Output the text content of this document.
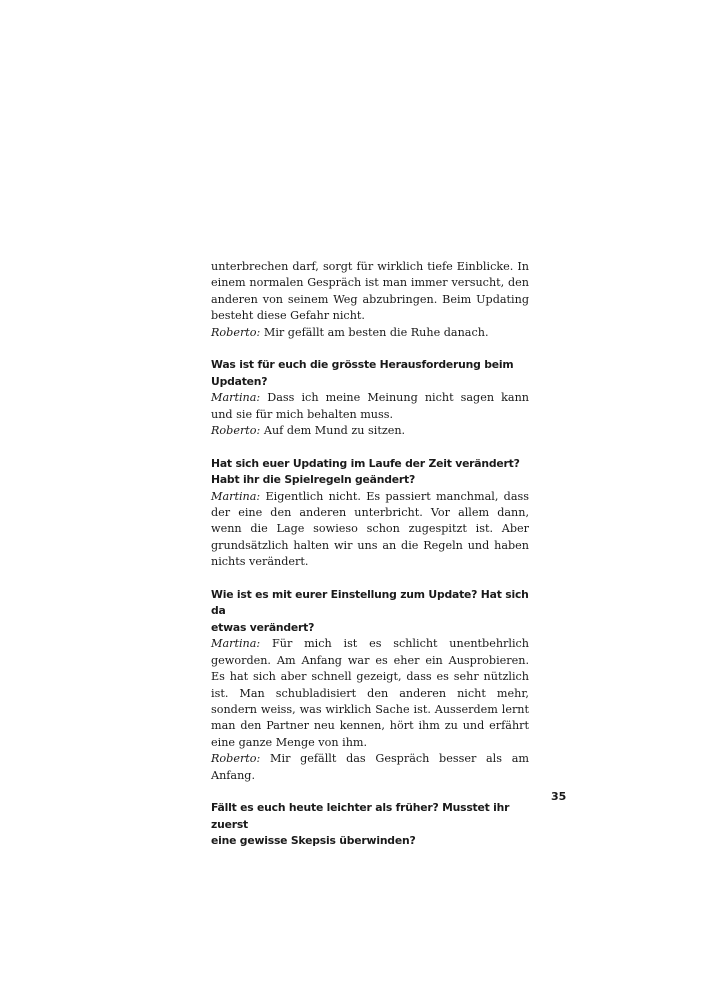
unterbrechen darf, sorgt für wirklich tiefe Einblicke. In einem normalen Gespräch ist man immer versucht, den anderen von seinem Weg abzubringen. Beim Updating besteht diese Gefahr nicht.

Roberto: Mir gefällt am besten die Ruhe danach.

Was ist für euch die grösste Herausforderung beim Updaten?

Martina: Dass ich meine Meinung nicht sagen kann und sie für mich behalten muss.

Roberto: Auf dem Mund zu sitzen.

Hat sich euer Updating im Laufe der Zeit verändert?
Habt ihr die Spielregeln geändert?

Martina: Eigentlich nicht. Es passiert manchmal, dass der eine den anderen unterbricht. Vor allem dann, wenn die Lage sowieso schon zugespitzt ist. Aber grundsätzlich halten wir uns an die Regeln und haben nichts verändert.

Wie ist es mit eurer Einstellung zum Update? Hat sich da
etwas verändert?

Martina: Für mich ist es schlicht unentbehrlich geworden. Am Anfang war es eher ein Ausprobieren. Es hat sich aber schnell gezeigt, dass es sehr nützlich ist. Man schubladisiert den anderen nicht mehr, sondern weiss, was wirklich Sache ist. Ausserdem lernt man den Partner neu kennen, hört ihm zu und erfährt eine ganze Menge von ihm.

Roberto: Mir gefällt das Gespräch besser als am Anfang.

Fällt es euch heute leichter als früher? Musstet ihr zuerst
eine gewisse Skepsis überwinden?

35
